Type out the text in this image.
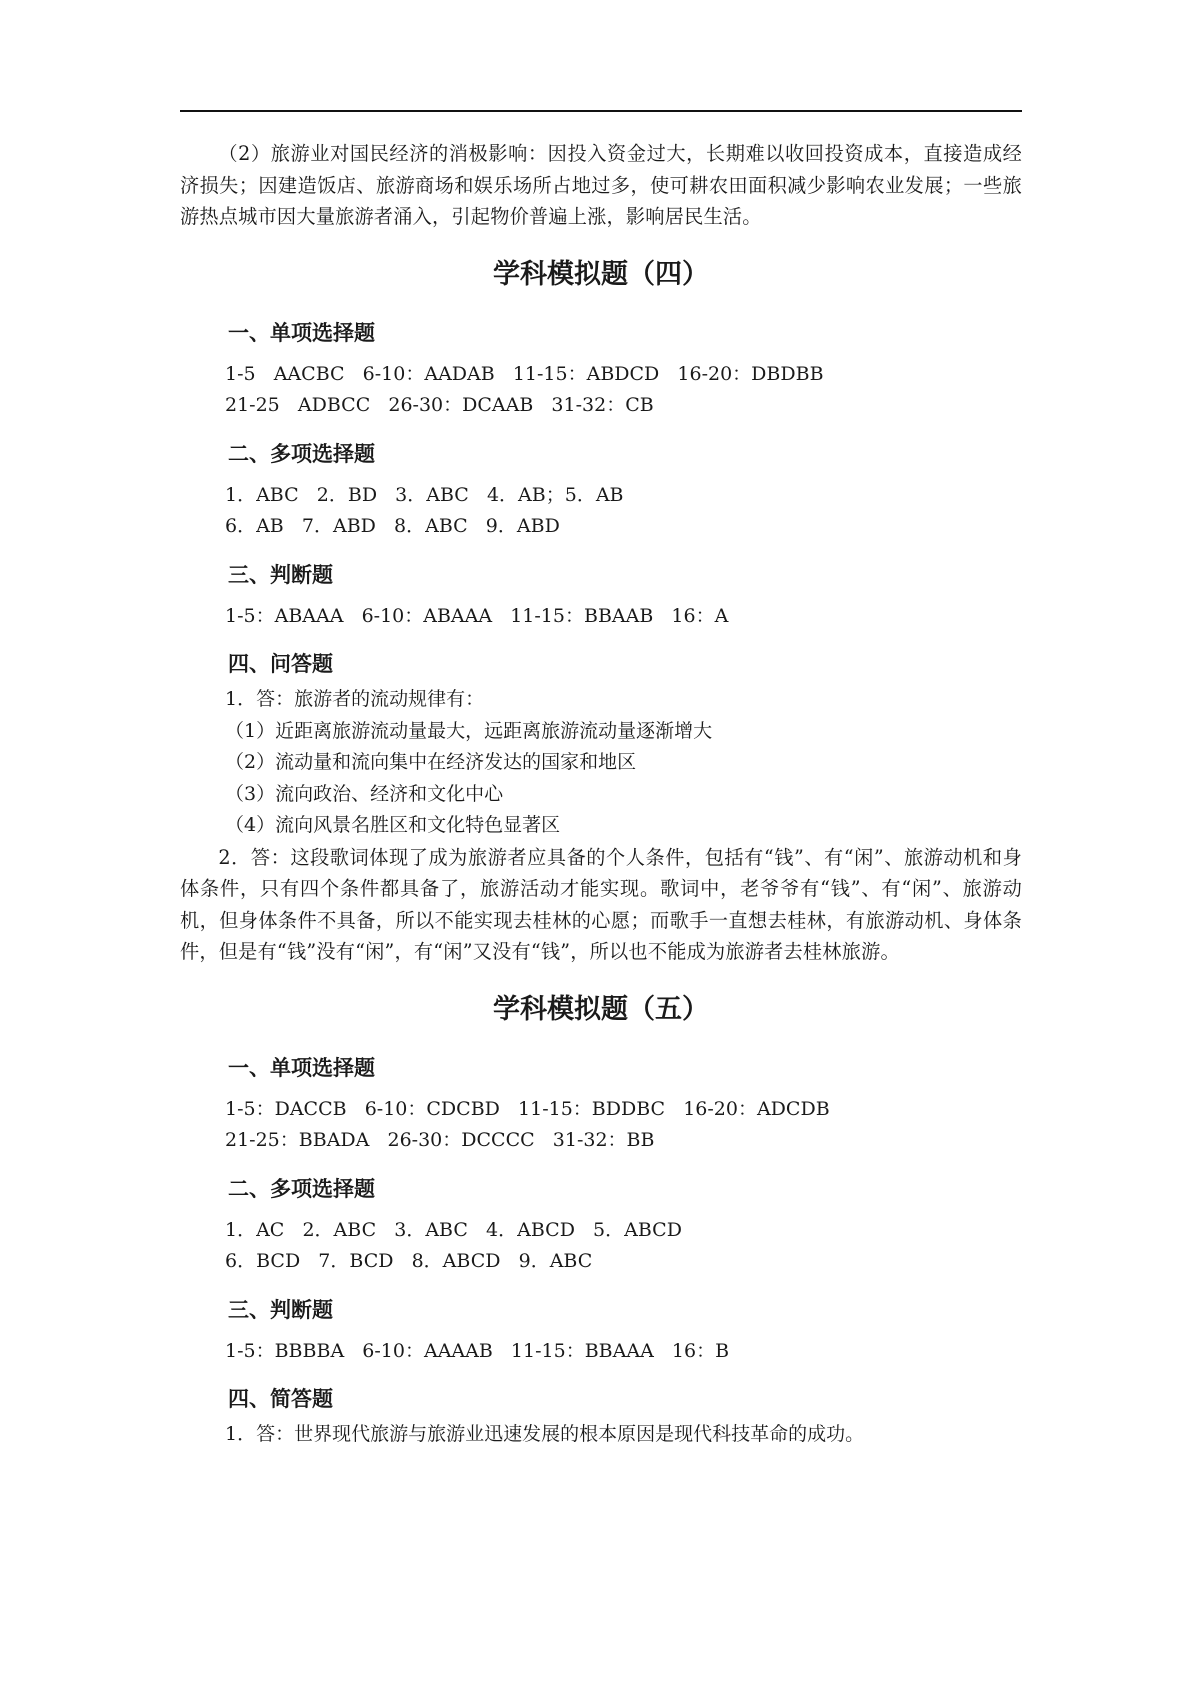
（2）旅游业对国民经济的消极影响：因投入资金过大，长期难以收回投资成本，直接造成经济损失；因建造饭店、旅游商场和娱乐场所占地过多，使可耕农田面积减少影响农业发展；一些旅游热点城市因大量旅游者涌入，引起物价普遍上涨，影响居民生活。

学科模拟题（四）
一、单项选择题

1-5   AACBC   6-10：AADAB   11-15：ABDCD   16-20：DBDBB

21-25   ADBCC   26-30：DCAAB   31-32：CB

二、多项选择题

1．ABC   2．BD   3．ABC   4．AB；5．AB

6．AB   7．ABD   8．ABC   9．ABD

三、判断题

1-5：ABAAA   6-10：ABAAA   11-15：BBAAB   16：A

四、问答题

1．答：旅游者的流动规律有：

（1）近距离旅游流动量最大，远距离旅游流动量逐渐增大

（2）流动量和流向集中在经济发达的国家和地区

（3）流向政治、经济和文化中心

（4）流向风景名胜区和文化特色显著区

2．答：这段歌词体现了成为旅游者应具备的个人条件，包括有“钱”、有“闲”、旅游动机和身体条件，只有四个条件都具备了，旅游活动才能实现。歌词中，老爷爷有“钱”、有“闲”、旅游动机，但身体条件不具备，所以不能实现去桂林的心愿；而歌手一直想去桂林，有旅游动机、身体条件，但是有“钱”没有“闲”，有“闲”又没有“钱”，所以也不能成为旅游者去桂林旅游。

学科模拟题（五）
一、单项选择题

1-5：DACCB   6-10：CDCBD   11-15：BDDBC   16-20：ADCDB

21-25：BBADA   26-30：DCCCC   31-32：BB

二、多项选择题

1．AC   2．ABC   3．ABC   4．ABCD   5．ABCD

6．BCD   7．BCD   8．ABCD   9．ABC

三、判断题

1-5：BBBBA   6-10：AAAAB   11-15：BBAAA   16：B

四、简答题

1．答：世界现代旅游与旅游业迅速发展的根本原因是现代科技革命的成功。
